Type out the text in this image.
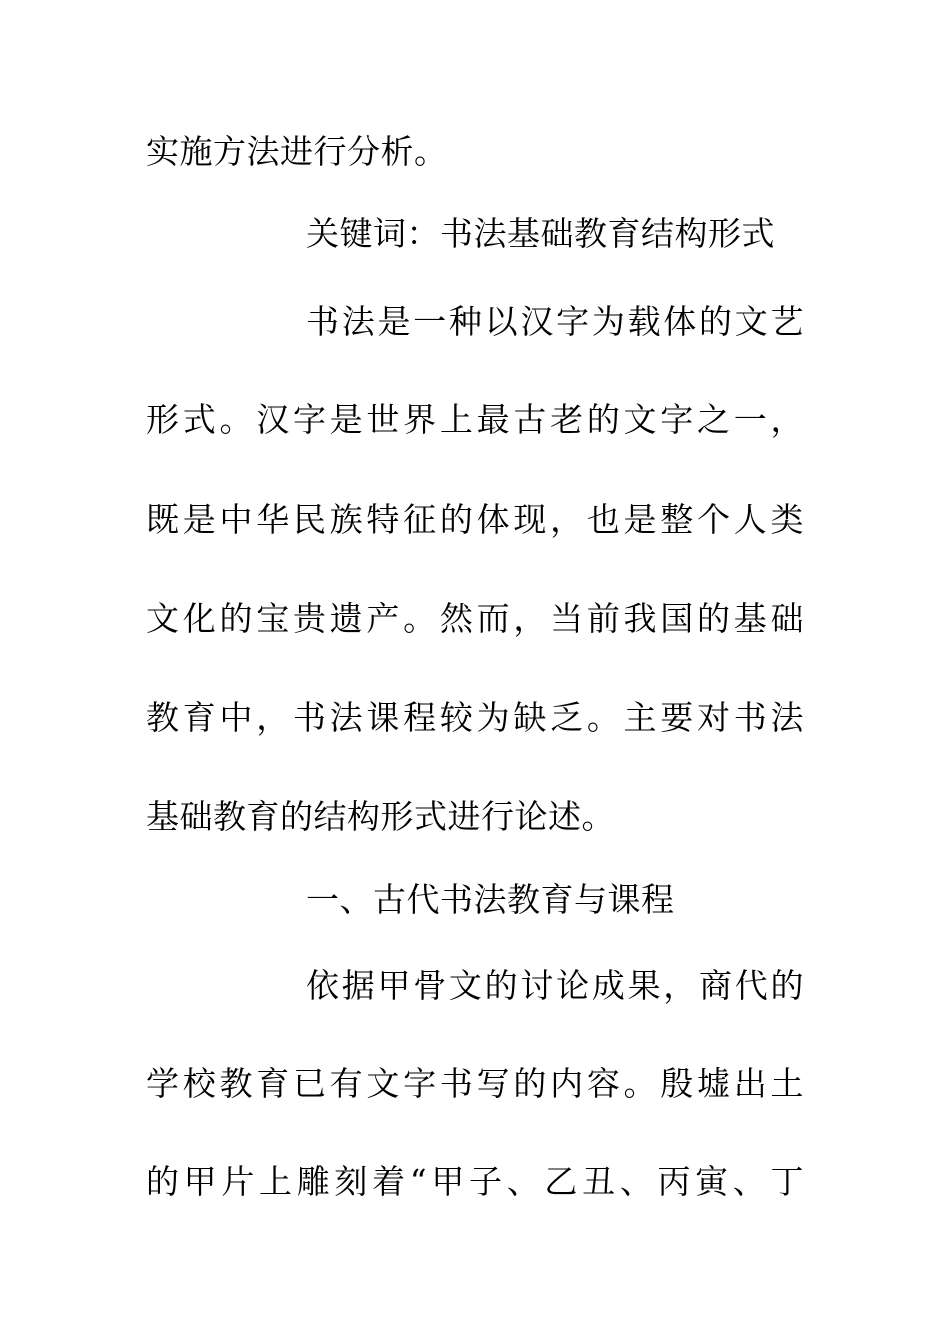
实施方法进行分析。
关键词：书法基础教育结构形式
书法是一种以汉字为载体的文艺
形式。汉字是世界上最古老的文字之一，
既是中华民族特征的体现，也是整个人类
文化的宝贵遗产。然而，当前我国的基础
教育中，书法课程较为缺乏。主要对书法
基础教育的结构形式进行论述。
一、古代书法教育与课程
依据甲骨文的讨论成果，商代的
学校教育已有文字书写的内容。殷墟出土
的甲片上雕刻着“甲子、乙丑、丙寅、丁
